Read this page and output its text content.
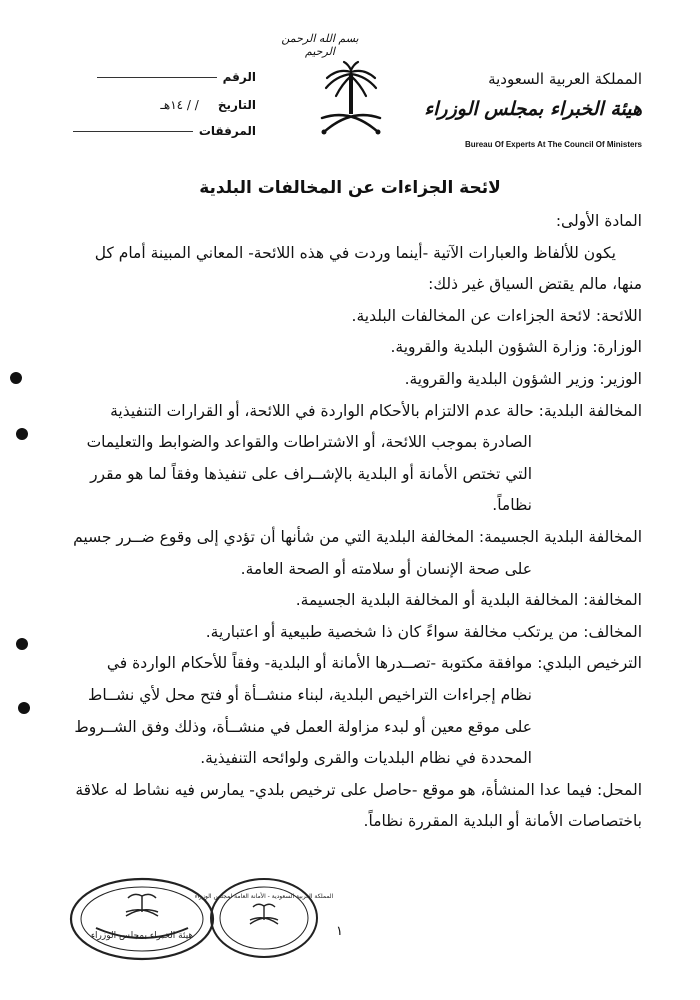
بسم الله الرحمن الرحيم
المملكة العربية السعودية
هيئة الخبراء بمجلس الوزراء
Bureau Of Experts At The Council Of Ministers
الرقم
التاريخ     / / ١٤هـ
المرفقات
لائحة الجزاءات عن المخالفات البلدية

المادة الأولى:

يكون للألفاظ والعبارات الآتية -أينما وردت في هذه اللائحة- المعاني المبينة أمام كل

منها، مالم يقتض السياق غير ذلك:

اللائحة: لائحة الجزاءات عن المخالفات البلدية.

الوزارة: وزارة الشؤون البلدية والقروية.

الوزير: وزير الشؤون البلدية والقروية.

المخالفة البلدية: حالة عدم الالتزام بالأحكام الواردة في اللائحة، أو القرارات التنفيذية

الصادرة بموجب اللائحة، أو الاشتراطات والقواعد والضوابط والتعليمات

التي تختص الأمانة أو البلدية بالإشــراف على تنفيذها وفقاً لما هو مقرر

نظاماً.

المخالفة البلدية الجسيمة: المخالفة البلدية التي من شأنها أن تؤدي إلى وقوع ضــرر جسيم

على صحة الإنسان أو سلامته أو الصحة العامة.

المخالفة: المخالفة البلدية أو المخالفة البلدية الجسيمة.

المخالف: من يرتكب مخالفة سواءً كان ذا شخصية طبيعية أو اعتبارية.

الترخيص البلدي: موافقة مكتوبة -تصــدرها الأمانة أو البلدية- وفقاً للأحكام الواردة في

نظام إجراءات التراخيص البلدية، لبناء منشــأة أو فتح محل لأي نشــاط

على موقع معين أو لبدء مزاولة العمل في منشــأة، وذلك وفق الشــروط

المحددة في نظام البلديات والقرى ولوائحه التنفيذية.

المحل: فيما عدا المنشأة، هو موقع -حاصل على ترخيص بلدي- يمارس فيه نشاط له علاقة

باختصاصات الأمانة أو البلدية المقررة نظاماً.

١
هيئة الخبراء بمجلس الوزراء
المملكة العربية السعودية - الأمانة العامة لمجلس الوزراء
